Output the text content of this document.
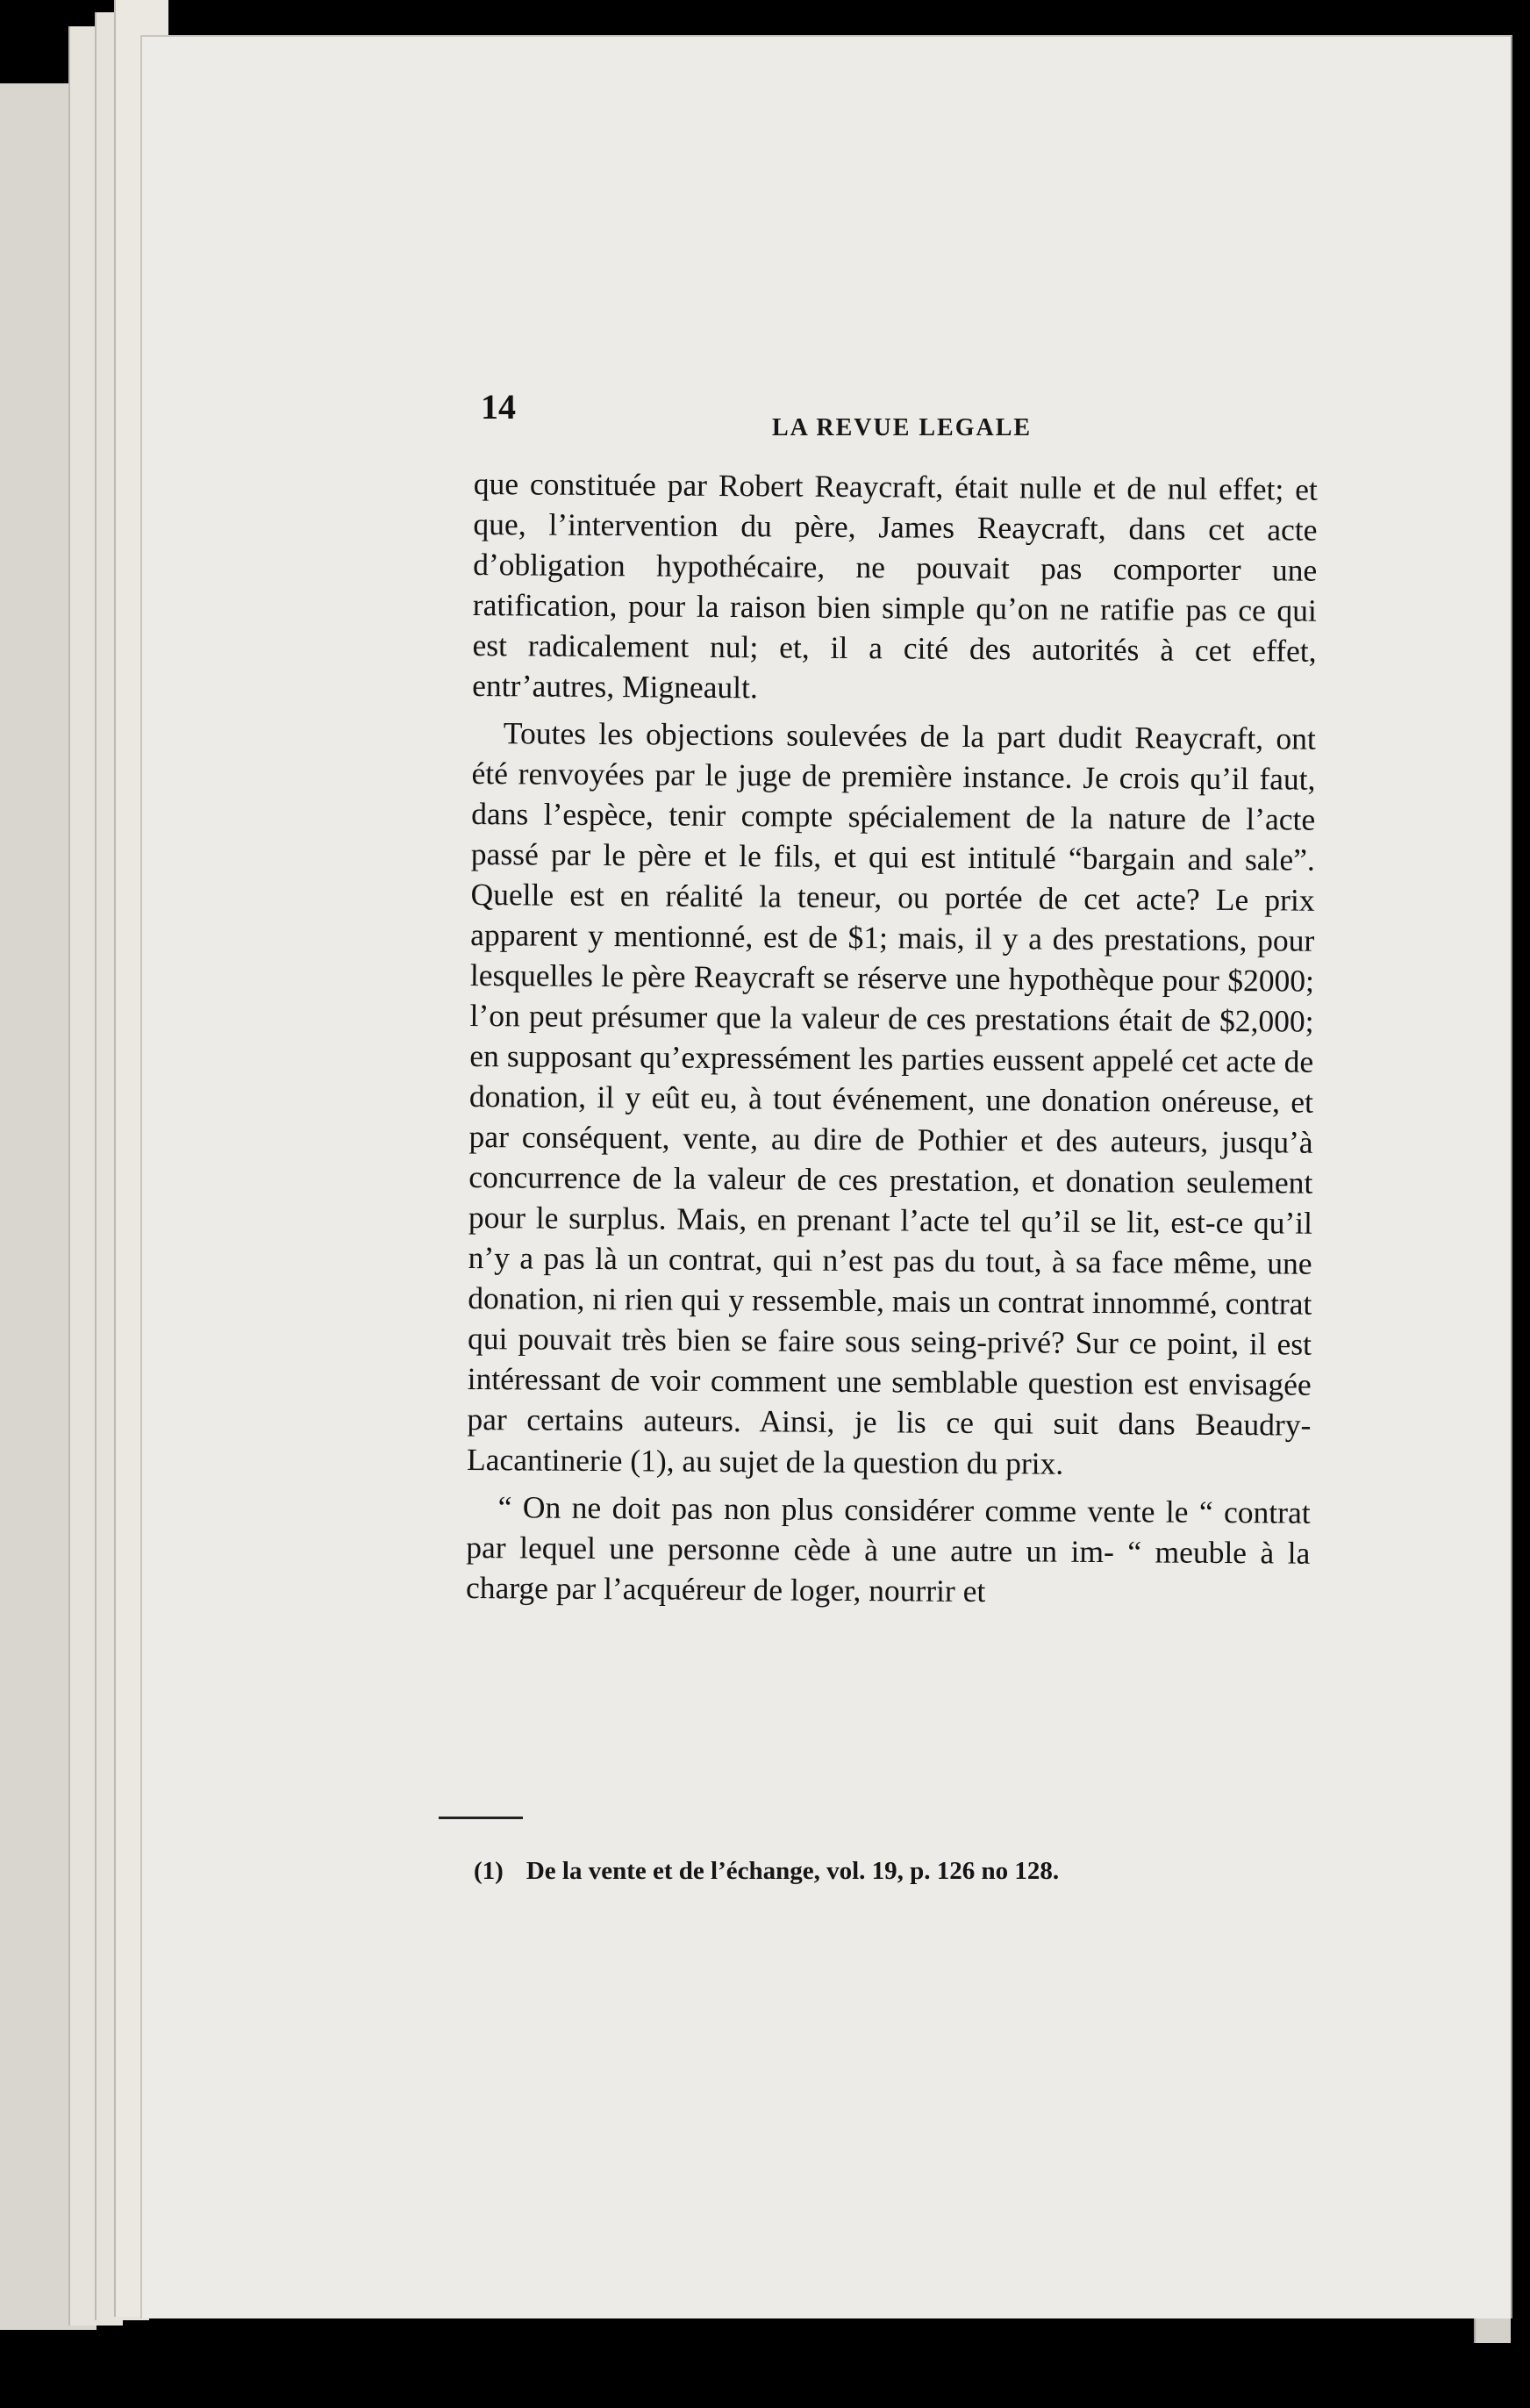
14
LA REVUE LEGALE

que constituée par Robert Reaycraft, était nulle et de nul effet; et que, l’intervention du père, James Reaycraft, dans cet acte d’obligation hypothécaire, ne pouvait pas comporter une ratification, pour la raison bien simple qu’on ne ratifie pas ce qui est radicalement nul; et, il a cité des autorités à cet effet, entr’autres, Migneault.

Toutes les objections soulevées de la part dudit Reaycraft, ont été renvoyées par le juge de première instance. Je crois qu’il faut, dans l’espèce, tenir compte spécialement de la nature de l’acte passé par le père et le fils, et qui est intitulé “bargain and sale”. Quelle est en réalité la teneur, ou portée de cet acte? Le prix apparent y mentionné, est de $1; mais, il y a des prestations, pour lesquelles le père Reaycraft se réserve une hypothèque pour $2000; l’on peut présumer que la valeur de ces prestations était de $2,000; en supposant qu’expressément les parties eussent appelé cet acte de donation, il y eût eu, à tout événement, une donation onéreuse, et par conséquent, vente, au dire de Pothier et des auteurs, jusqu’à concurrence de la valeur de ces prestation, et donation seulement pour le surplus. Mais, en prenant l’acte tel qu’il se lit, est-ce qu’il n’y a pas là un contrat, qui n’est pas du tout, à sa face même, une donation, ni rien qui y ressemble, mais un contrat innommé, contrat qui pouvait très bien se faire sous seing-privé? Sur ce point, il est intéressant de voir comment une semblable question est envisagée par certains auteurs. Ainsi, je lis ce qui suit dans Beaudry-Lacantinerie (1), au sujet de la question du prix.

“ On ne doit pas non plus considérer comme vente le “ contrat par lequel une personne cède à une autre un im- “ meuble à la charge par l’acquéreur de loger, nourrir et

(1) De la vente et de l’échange, vol. 19, p. 126 no 128.
